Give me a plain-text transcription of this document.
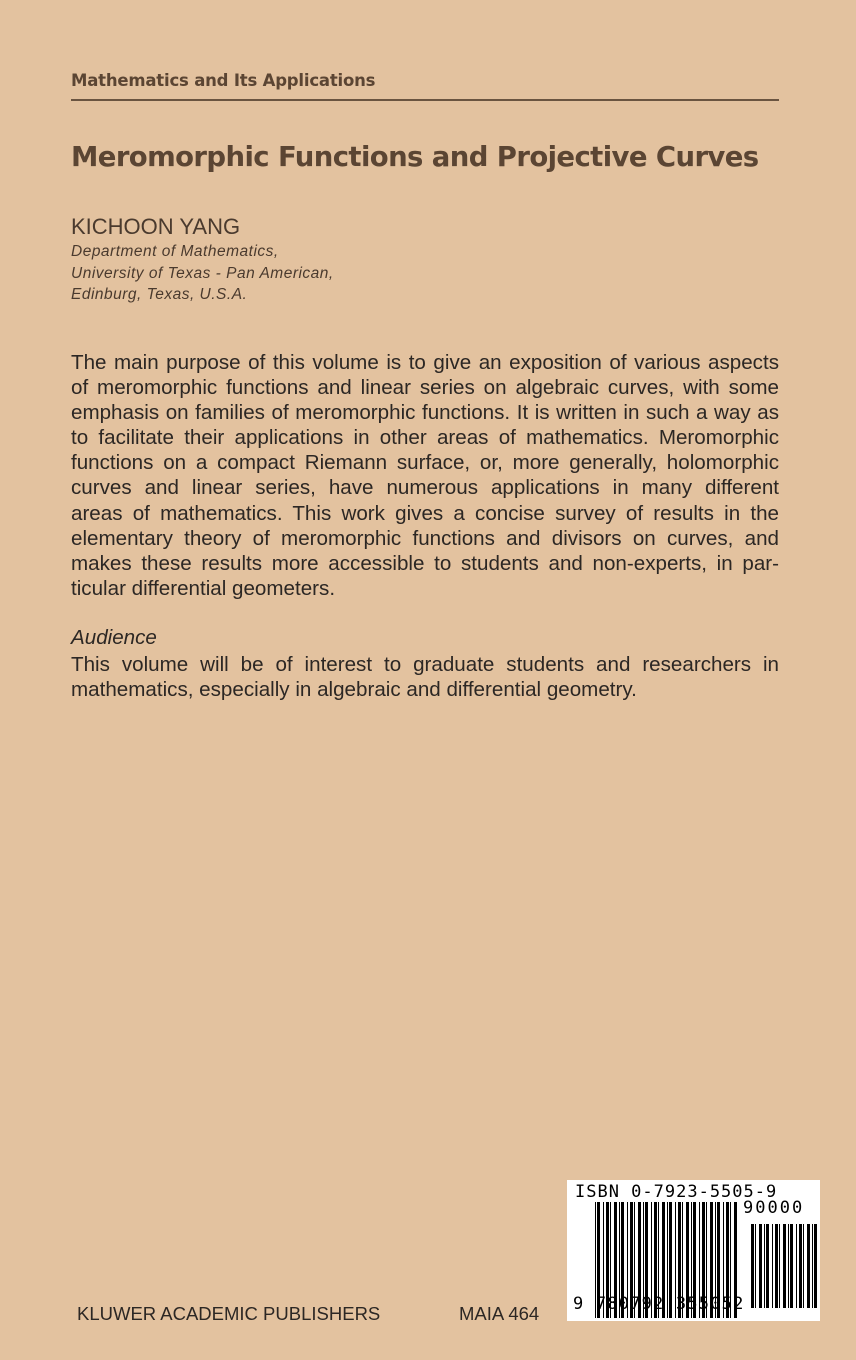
Mathematics and Its Applications
Meromorphic Functions and Projective Curves
KICHOON YANG
Department of Mathematics,
University of Texas - Pan American,
Edinburg, Texas, U.S.A.
The main purpose of this volume is to give an exposition of various aspects
of meromorphic functions and linear series on algebraic curves, with some
emphasis on families of meromorphic functions. It is written in such a way as
to facilitate their applications in other areas of mathematics. Meromorphic
functions on a compact Riemann surface, or, more generally, holomorphic
curves and linear series, have numerous applications in many different
areas of mathematics. This work gives a concise survey of results in the
elementary theory of meromorphic functions and divisors on curves, and
makes these results more accessible to students and non-experts, in par-
ticular differential geometers.
Audience
This volume will be of interest to graduate students and researchers in
mathematics, especially in algebraic and differential geometry.
KLUWER ACADEMIC PUBLISHERS	MAIA 464
ISBN 0-7923-5505-9
90000
9 780792 355052
